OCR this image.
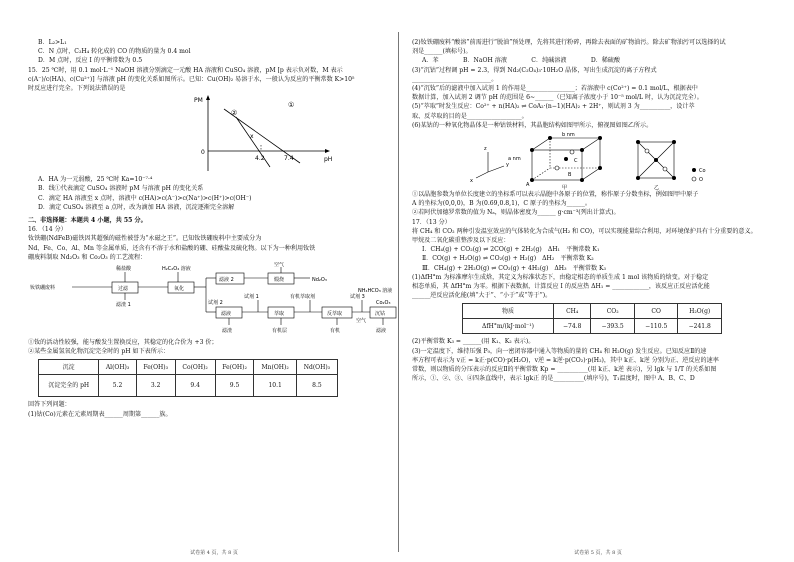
B．L₂>L₁
C．N 点时，C₂H₄ 转化成的 CO 的物质的量为 0.4 mol
D．M 点时，反应 I 的平衡常数为 0.5
15．25 ℃时，用 0.1 mol·L⁻¹ NaOH 溶液分别滴定一元酸 HA 溶液和 CuSO₄ 溶液，pM [p 表示负对数，M 表示
c(A⁻)/c(HA)、c(Cu²⁺)] 与溶液 pH 的变化关系如图所示。已知：Cu(OH)₂ 易溶于水，一般认为反应的平衡常数 K>10⁵
时反应进行完全。下列说法错误的是
PM
pH
0
4.2	7.4
①
②
x
A．HA 为一元弱酸，25 ℃时 Ka=10⁻⁷·⁴
B．线①代表滴定 CuSO₄ 溶液时 pM 与溶液 pH 的变化关系
C．滴定 HA 溶液至 x 点时，溶液中 c(HA)>c(A⁻)>c(Na⁺)>c(H⁺)>c(OH⁻)
D．滴定 CuSO₄ 溶液至 a 点时，改为滴加 HA 溶液，沉淀逐渐完全溶解
二、非选择题：本题共 4 小题，共 55 分。
16．（14 分）
钕铁硼(NdFeB)磁铁因其超强的磁性被誉为“永磁之王”。已知钕铁硼废料中主要成分为
Nd、Fe、Co、Al、Mn 等金属单质，还含有不溶于水和盐酸的硼、硅酸盐及硫化物。以下为一种利用钕铁
硼废料制取 Nd₂O₃ 和 Co₂O₃ 的工艺流程：
钕铁硼废料	过滤	氧化
滤液 2	煅烧
滤液	萃取	反萃取	沉钴
稀盐酸	H₂C₂O₄ 溶液
空气
滤渣 1
试剂 1
试剂 2
有机萃取剂	试剂 3
NH₄HCO₃ 溶液
滤渣	有机层	有机	滤液
Nd₂O₃
Co₂O₃
空气
①钕的活动性较强，能与酸发生置换反应，其稳定的化合价为 +3 价；
②某些金属氢氧化物沉淀完全时的 pH 如下表所示：
沉淀	Al(OH)₃	Fe(OH)₃	Co(OH)₂	Fe(OH)₂	Mn(OH)₂	Nd(OH)₃
沉淀完全的 pH	5.2	3.2	9.4	9.5	10.1	8.5
回答下列问题：
(1)钴(Co)元素在元素周期表______周期第______族。
试卷第 4 页，共 8 页
(2)钕铁硼废料“酸溶”前需进行“脱油”预处理，先将其进行粉碎，再除去表面的矿物油污。除去矿物油污可以选择的试
剂是______(填标号)。
A．苯　　　　B．NaOH 溶液　　　　C．纯碱溶液　　　　D．稀硫酸
(3)“沉钴”过程调 pH = 2.3，得到 Nd₂(C₂O₄)₃·10H₂O 晶体，写出生成沉淀的离子方程式
__________________________。
(4)“沉钕”后的滤液中加入试剂 1 的作用是________________；若溶液中 c(Co²⁺) = 0.1 mol/L，根据表中
数据计算，加入试剂 2 调节 pH 的范围是 6~______（已知离子浓度小于 10⁻⁵ mol/L 时，认为沉淀完全）。
(5)“萃取”时发生反应：Co²⁺ + n(HA)₂ ⇌ CoA₂·(n−1)(HA)₂ + 2H⁺，则试剂 3 为__________，设计萃
取、反萃取的目的是__________________。
(6)某钴的一种氧化物晶体是一种钴铁材料，其晶胞结构如图甲所示，俯视图如图乙所示。
z
y
x
a nm
b nm
A
B
C
甲	乙
Co
O
①以晶胞参数为单位长度建立的坐标系可以表示晶胞中各原子的位置，称作原子分数坐标，例如图甲中原子
A 的坐标为(0,0,0)，B 为(0.69,0.8,1)，C 原子的坐标为______。
②若阿伏加德罗常数的值为 Nₐ，则晶体密度为______ g·cm⁻³(列出计算式)。
17．（13 分）
将 CH₄ 和 CO₂ 两种引发温室效应的气体转化为合成气(H₂ 和 CO)，可以实现能量综合利用，对环境保护具有十分重要的意义。
甲烷及二氧化碳重整涉及以下反应：
Ⅰ．CH₄(g) + CO₂(g) ⇌ 2CO(g) + 2H₂(g)　ΔH₁　平衡常数 K₁
Ⅱ．CO(g) + H₂O(g) ⇌ CO₂(g) + H₂(g)　ΔH₂　平衡常数 K₂
Ⅲ．CH₄(g) + 2H₂O(g) ⇌ CO₂(g) + 4H₂(g)　ΔH₃　平衡常数 K₃
(1)ΔfH°m 为标准摩尔生成焓，其定义为标准状态下，由稳定相态的单质生成 1 mol 该物质的焓变。对于稳定
相态单质，其 ΔfH°m 为零。根据下表数据，计算反应 I 的反应热 ΔH₁ = ____________，该反应正反应活化能
______逆反应活化能(填“大于”、“小于”或“等于”)。
物质	CH₄	CO₂	CO	H₂O(g)
ΔfH°m/(kJ·mol⁻¹)	−74.8	−393.5	−110.5	−241.8
(2)平衡常数 K₃ = ______(用 K₁、K₂ 表示)。
(3)一定温度下，维持压强 P₀，向一密闭容器中通入等物质的量的 CH₄ 和 H₂O(g) 发生反应。已知反应Ⅱ的速
率方程可表示为 v正 = k正·p(CO)·p(H₂O)，v逆 = k逆·p(CO₂)·p(H₂)，其中 k正、k逆 分别为正、逆反应的速率
常数，则以物质的分压表示的反应Ⅱ的平衡常数 Kp = __________(用 k正、k逆 表示)，另 lgk 与 1/T 的关系如图
所示，①、②、③、④四条直线中，表示 lgk正 的是__________(填序号)，T₁温度时，图中 A、B、C、D
试卷第 5 页，共 8 页
